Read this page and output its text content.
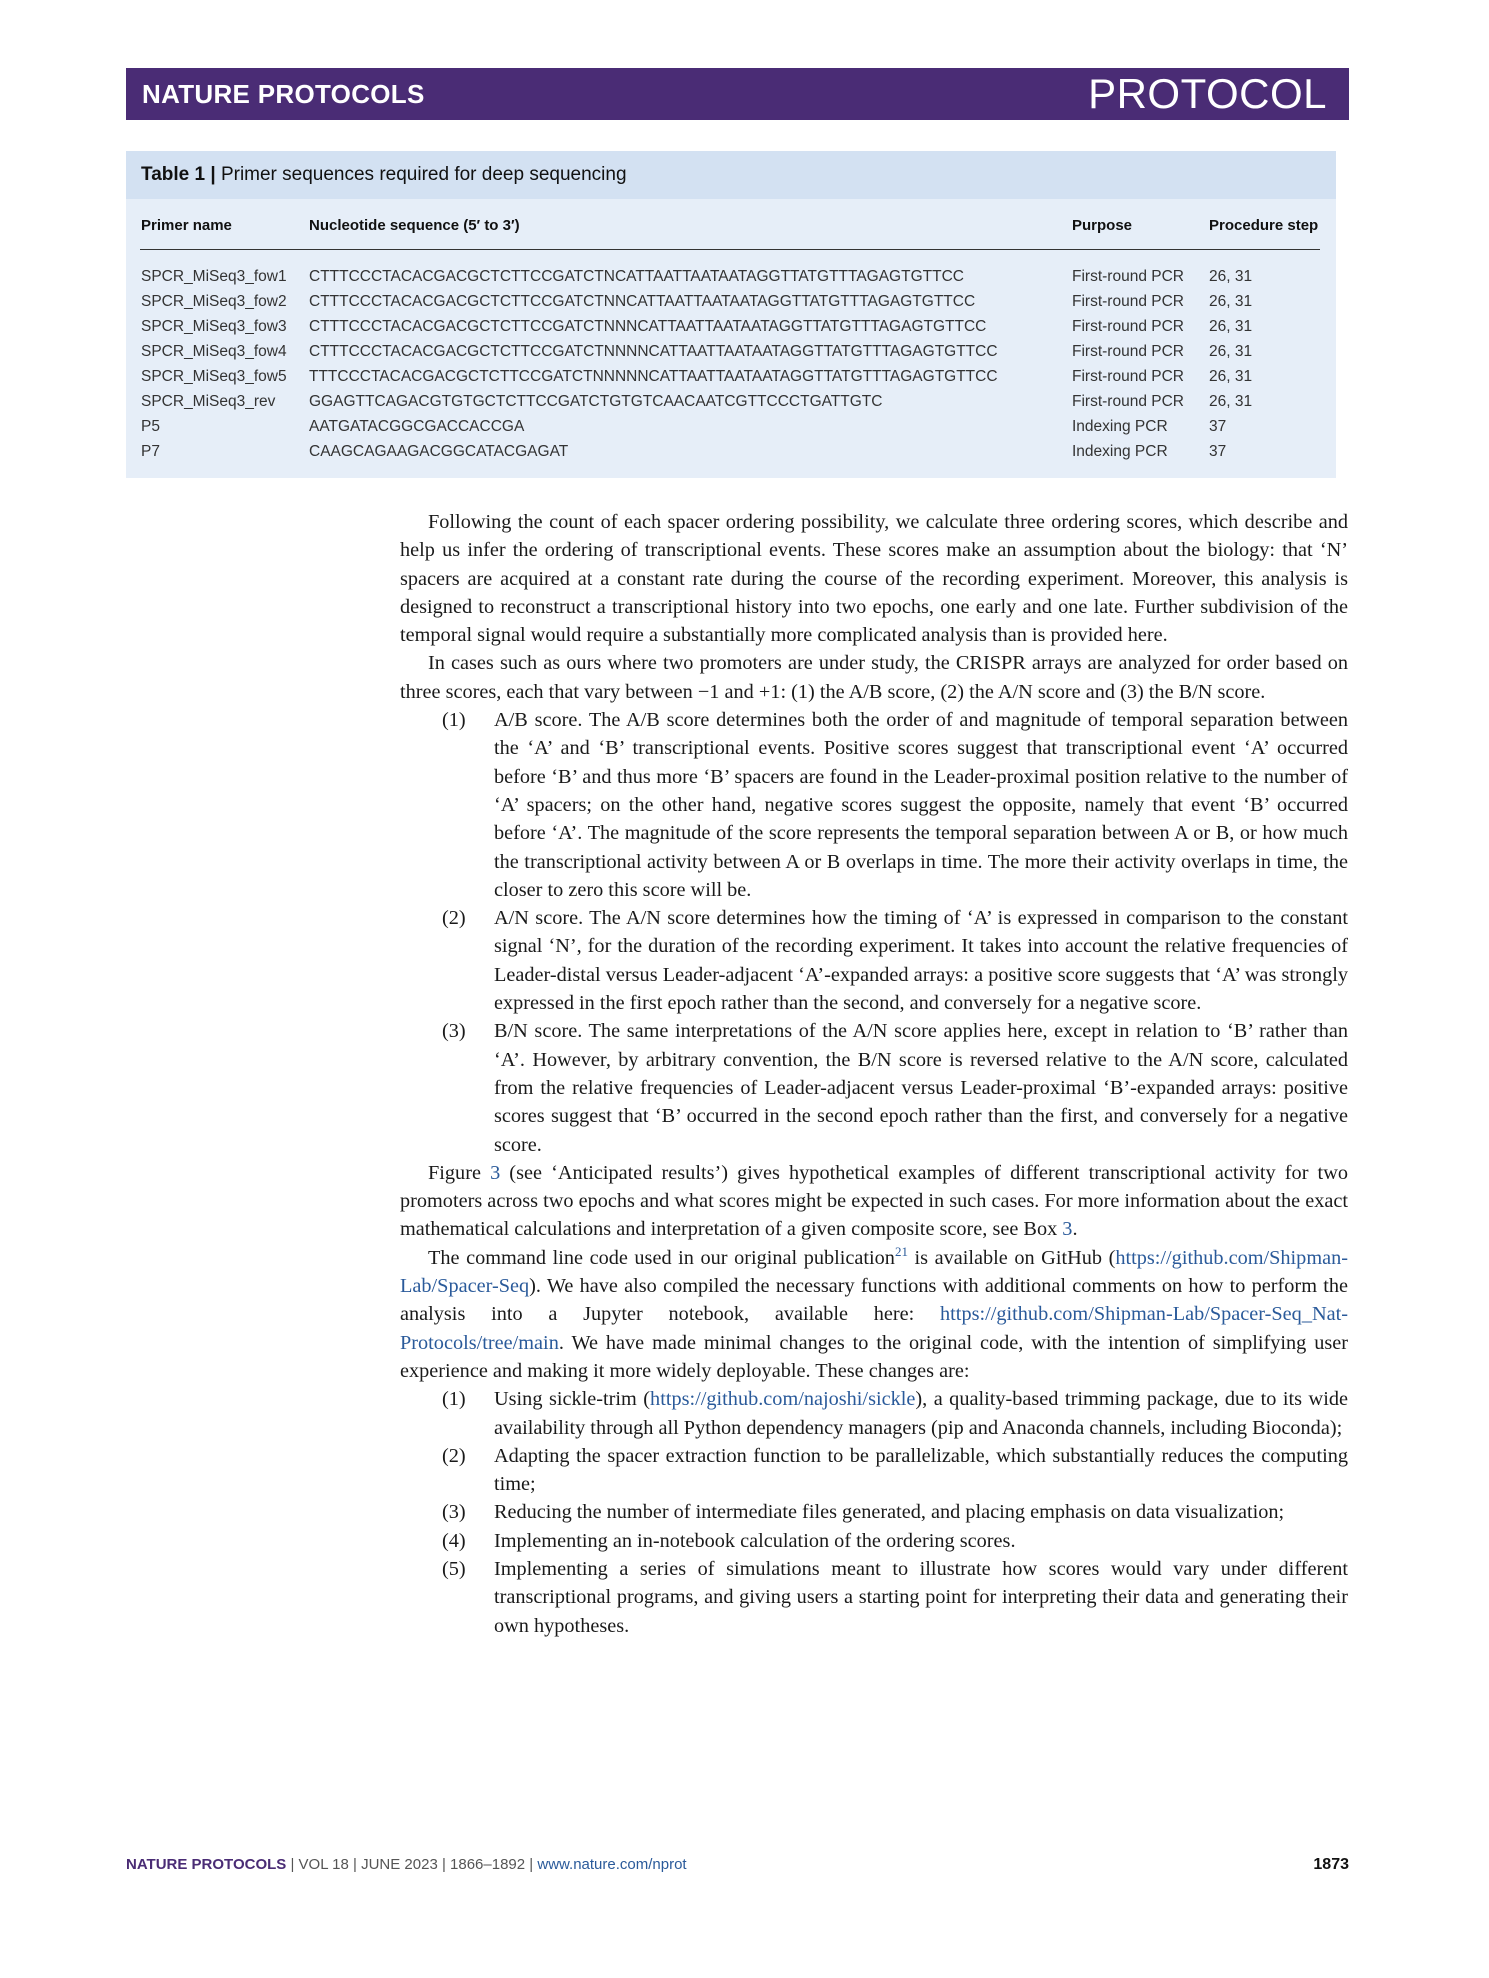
NATURE PROTOCOLS	PROTOCOL
Table 1 | Primer sequences required for deep sequencing
Primer name	Nucleotide sequence (5′ to 3′)	Purpose	Procedure step
SPCR_MiSeq3_fow1 CTTTCCCTACACGACGCTCTTCCGATCTNCATTAATTAATAATAGGTTATGTTTAGAGTGTTCC	First-round PCR 26, 31
SPCR_MiSeq3_fow2 CTTTCCCTACACGACGCTCTTCCGATCTNNCATTAATTAATAATAGGTTATGTTTAGAGTGTTCC	First-round PCR 26, 31
SPCR_MiSeq3_fow3 CTTTCCCTACACGACGCTCTTCCGATCTNNNCATTAATTAATAATAGGTTATGTTTAGAGTGTTCC	First-round PCR 26, 31
SPCR_MiSeq3_fow4 CTTTCCCTACACGACGCTCTTCCGATCTNNNNCATTAATTAATAATAGGTTATGTTTAGAGTGTTCC	First-round PCR 26, 31
SPCR_MiSeq3_fow5 TTTCCCTACACGACGCTCTTCCGATCTNNNNNCATTAATTAATAATAGGTTATGTTTAGAGTGTTCC	First-round PCR 26, 31
SPCR_MiSeq3_rev GGAGTTCAGACGTGTGCTCTTCCGATCTGTGTCAACAATCGTTCCCTGATTGTC	First-round PCR 26, 31
P5	AATGATACGGCGACCACCGA	Indexing PCR	37
P7	CAAGCAGAAGACGGCATACGAGAT	Indexing PCR	37

Following the count of each spacer ordering possibility, we calculate three ordering scores, which describe and help us infer the ordering of transcriptional events. These scores make an assumption about the biology: that ‘N’ spacers are acquired at a constant rate during the course of the recording experiment. Moreover, this analysis is designed to reconstruct a transcriptional history into two epochs, one early and one late. Further subdivision of the temporal signal would require a substantially more complicated analysis than is provided here.

In cases such as ours where two promoters are under study, the CRISPR arrays are analyzed for order based on three scores, each that vary between −1 and +1: (1) the A/B score, (2) the A/N score and (3) the B/N score.

(1) A/B score. The A/B score determines both the order of and magnitude of temporal separation between the ‘A’ and ‘B’ transcriptional events. Positive scores suggest that transcriptional event ‘A’ occurred before ‘B’ and thus more ‘B’ spacers are found in the Leader-proximal position relative to the number of ‘A’ spacers; on the other hand, negative scores suggest the opposite, namely that event ‘B’ occurred before ‘A’. The magnitude of the score represents the temporal separation between A or B, or how much the transcriptional activity between A or B overlaps in time. The more their activity overlaps in time, the closer to zero this score will be.

(2) A/N score. The A/N score determines how the timing of ‘A’ is expressed in comparison to the constant signal ‘N’, for the duration of the recording experiment. It takes into account the relative frequencies of Leader-distal versus Leader-adjacent ‘A’-expanded arrays: a positive score suggests that ‘A’ was strongly expressed in the first epoch rather than the second, and conversely for a negative score.

(3) B/N score. The same interpretations of the A/N score applies here, except in relation to ‘B’ rather than ‘A’. However, by arbitrary convention, the B/N score is reversed relative to the A/N score, calculated from the relative frequencies of Leader-adjacent versus Leader-proximal ‘B’-expanded arrays: positive scores suggest that ‘B’ occurred in the second epoch rather than the first, and conversely for a negative score.

Figure 3 (see ‘Anticipated results’) gives hypothetical examples of different transcriptional activity for two promoters across two epochs and what scores might be expected in such cases. For more information about the exact mathematical calculations and interpretation of a given composite score, see Box 3.

The command line code used in our original publication$^{21}$ is available on GitHub (https://github.com/Shipman-Lab/Spacer-Seq). We have also compiled the necessary functions with additional comments on how to perform the analysis into a Jupyter notebook, available here: https://github.com/Shipman-Lab/Spacer-Seq_Nat-Protocols/tree/main. We have made minimal changes to the original code, with the intention of simplifying user experience and making it more widely deployable. These changes are:

(1) Using sickle-trim (https://github.com/najoshi/sickle), a quality-based trimming package, due to its wide availability through all Python dependency managers (pip and Anaconda channels, including Bioconda);

(2) Adapting the spacer extraction function to be parallelizable, which substantially reduces the computing time;

(3) Reducing the number of intermediate files generated, and placing emphasis on data visualization;

(4) Implementing an in-notebook calculation of the ordering scores.

(5) Implementing a series of simulations meant to illustrate how scores would vary under different transcriptional programs, and giving users a starting point for interpreting their data and generating their own hypotheses.

NATURE PROTOCOLS | VOL 18 | JUNE 2023 | 1866–1892 | www.nature.com/nprot	1873
